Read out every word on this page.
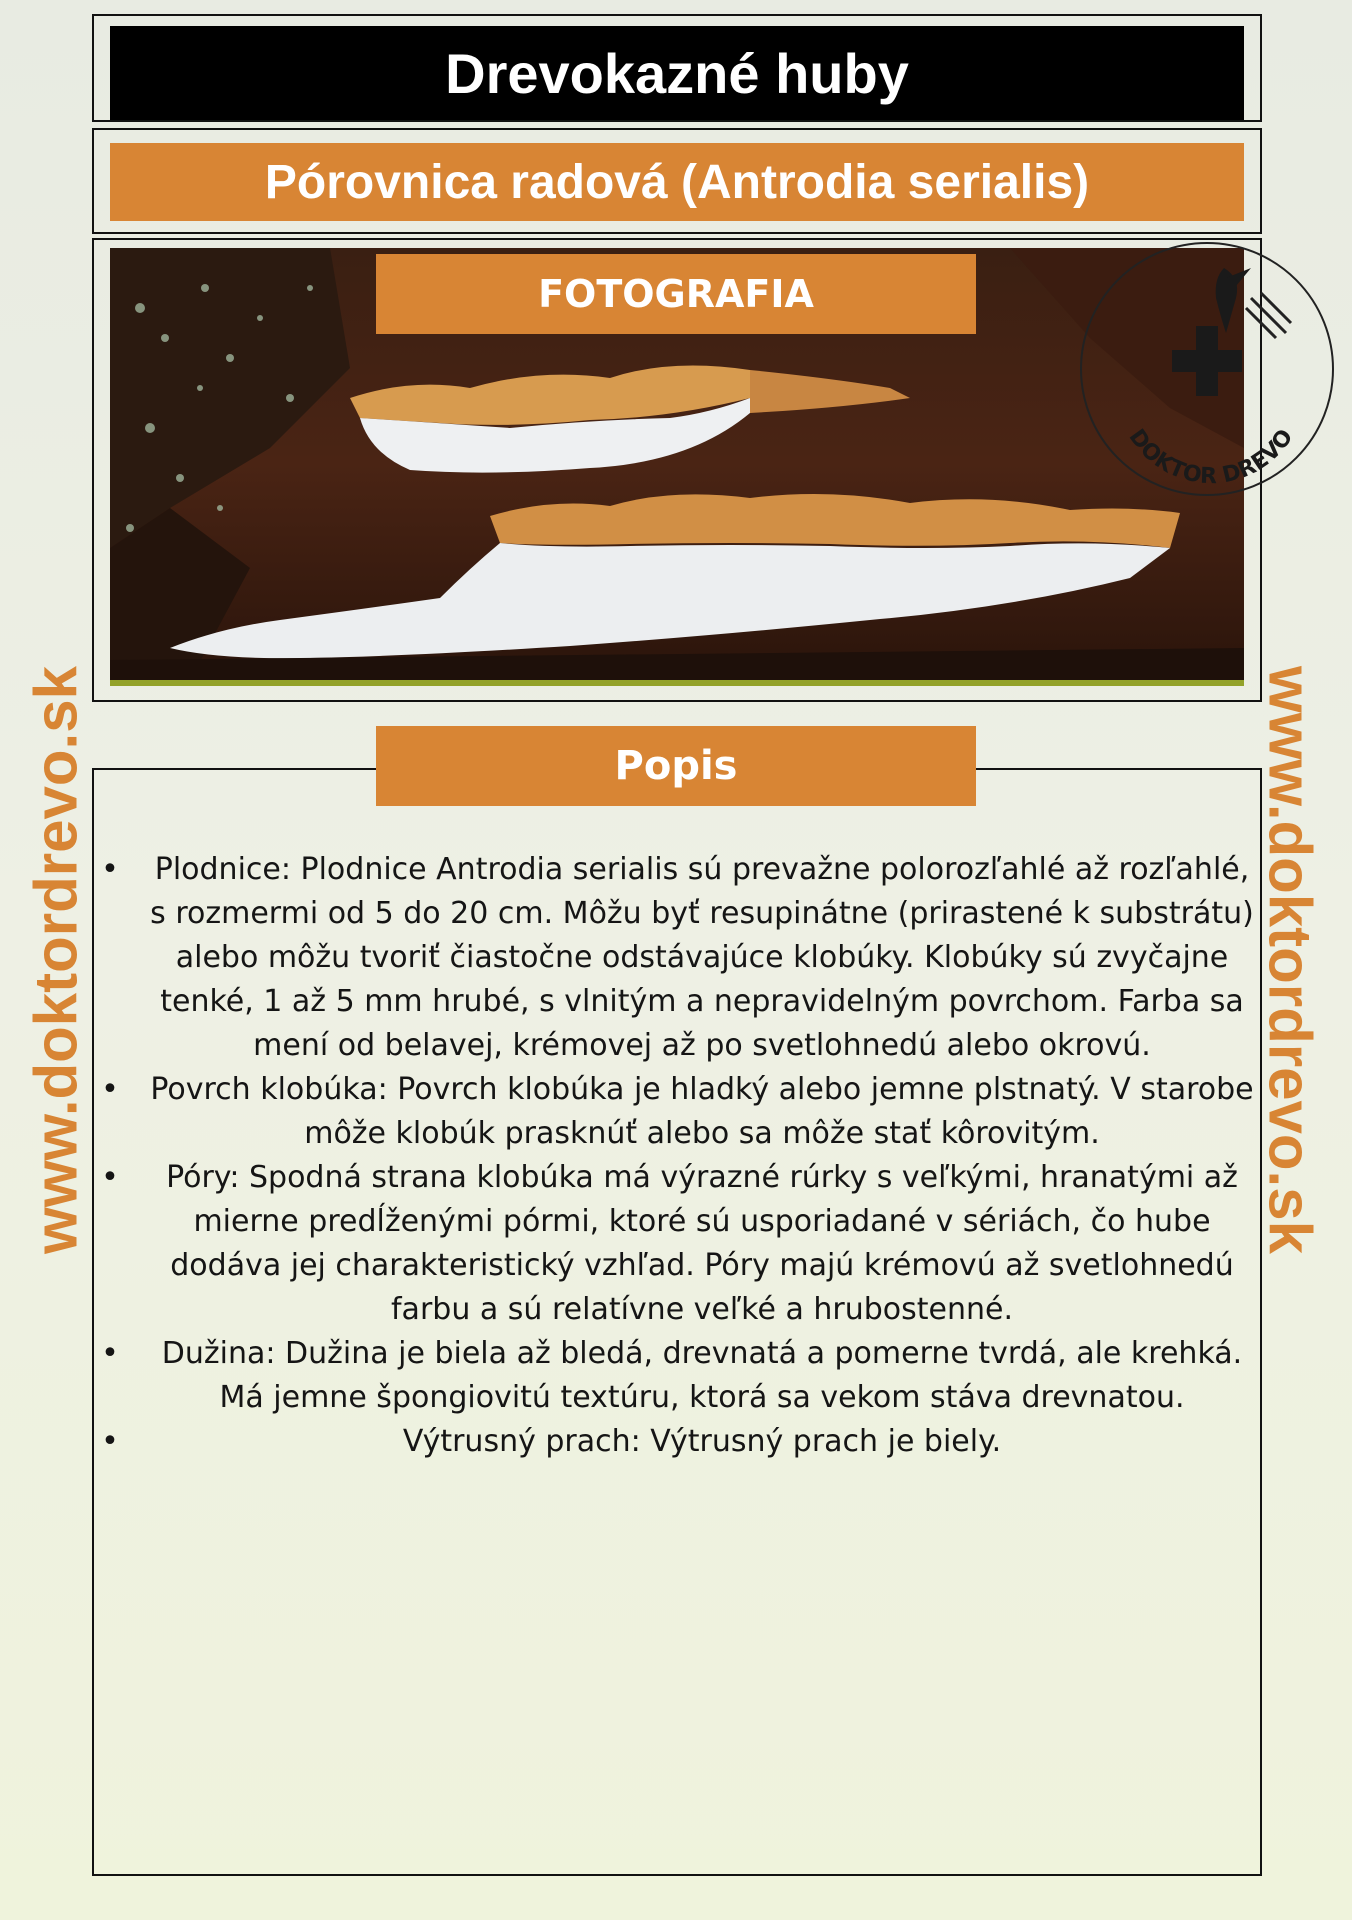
Drevokazné huby
Pórovnica radová (Antrodia serialis)
FOTOGRAFIA
DOKTOR DREVO
Popis
• Plodnice: Plodnice Antrodia serialis sú prevažne polorozľahlé až rozľahlé, s rozmermi od 5 do 20 cm. Môžu byť resupinátne (prirastené k substrátu) alebo môžu tvoriť čiastočne odstávajúce klobúky. Klobúky sú zvyčajne tenké, 1 až 5 mm hrubé, s vlnitým a nepravidelným povrchom. Farba sa mení od belavej, krémovej až po svetlohnedú alebo okrovú.
• Povrch klobúka: Povrch klobúka je hladký alebo jemne plstnatý. V starobe môže klobúk prasknúť alebo sa môže stať kôrovitým.
• Póry: Spodná strana klobúka má výrazné rúrky s veľkými, hranatými až mierne predĺženými pórmi, ktoré sú usporiadané v sériách, čo hube dodáva jej charakteristický vzhľad. Póry majú krémovú až svetlohnedú farbu a sú relatívne veľké a hrubostenné.
• Dužina: Dužina je biela až bledá, drevnatá a pomerne tvrdá, ale krehká. Má jemne špongiovitú textúru, ktorá sa vekom stáva drevnatou.
•	Výtrusný prach: Výtrusný prach je biely.
www.doktordrevo.sk	www.doktordrevo.sk
